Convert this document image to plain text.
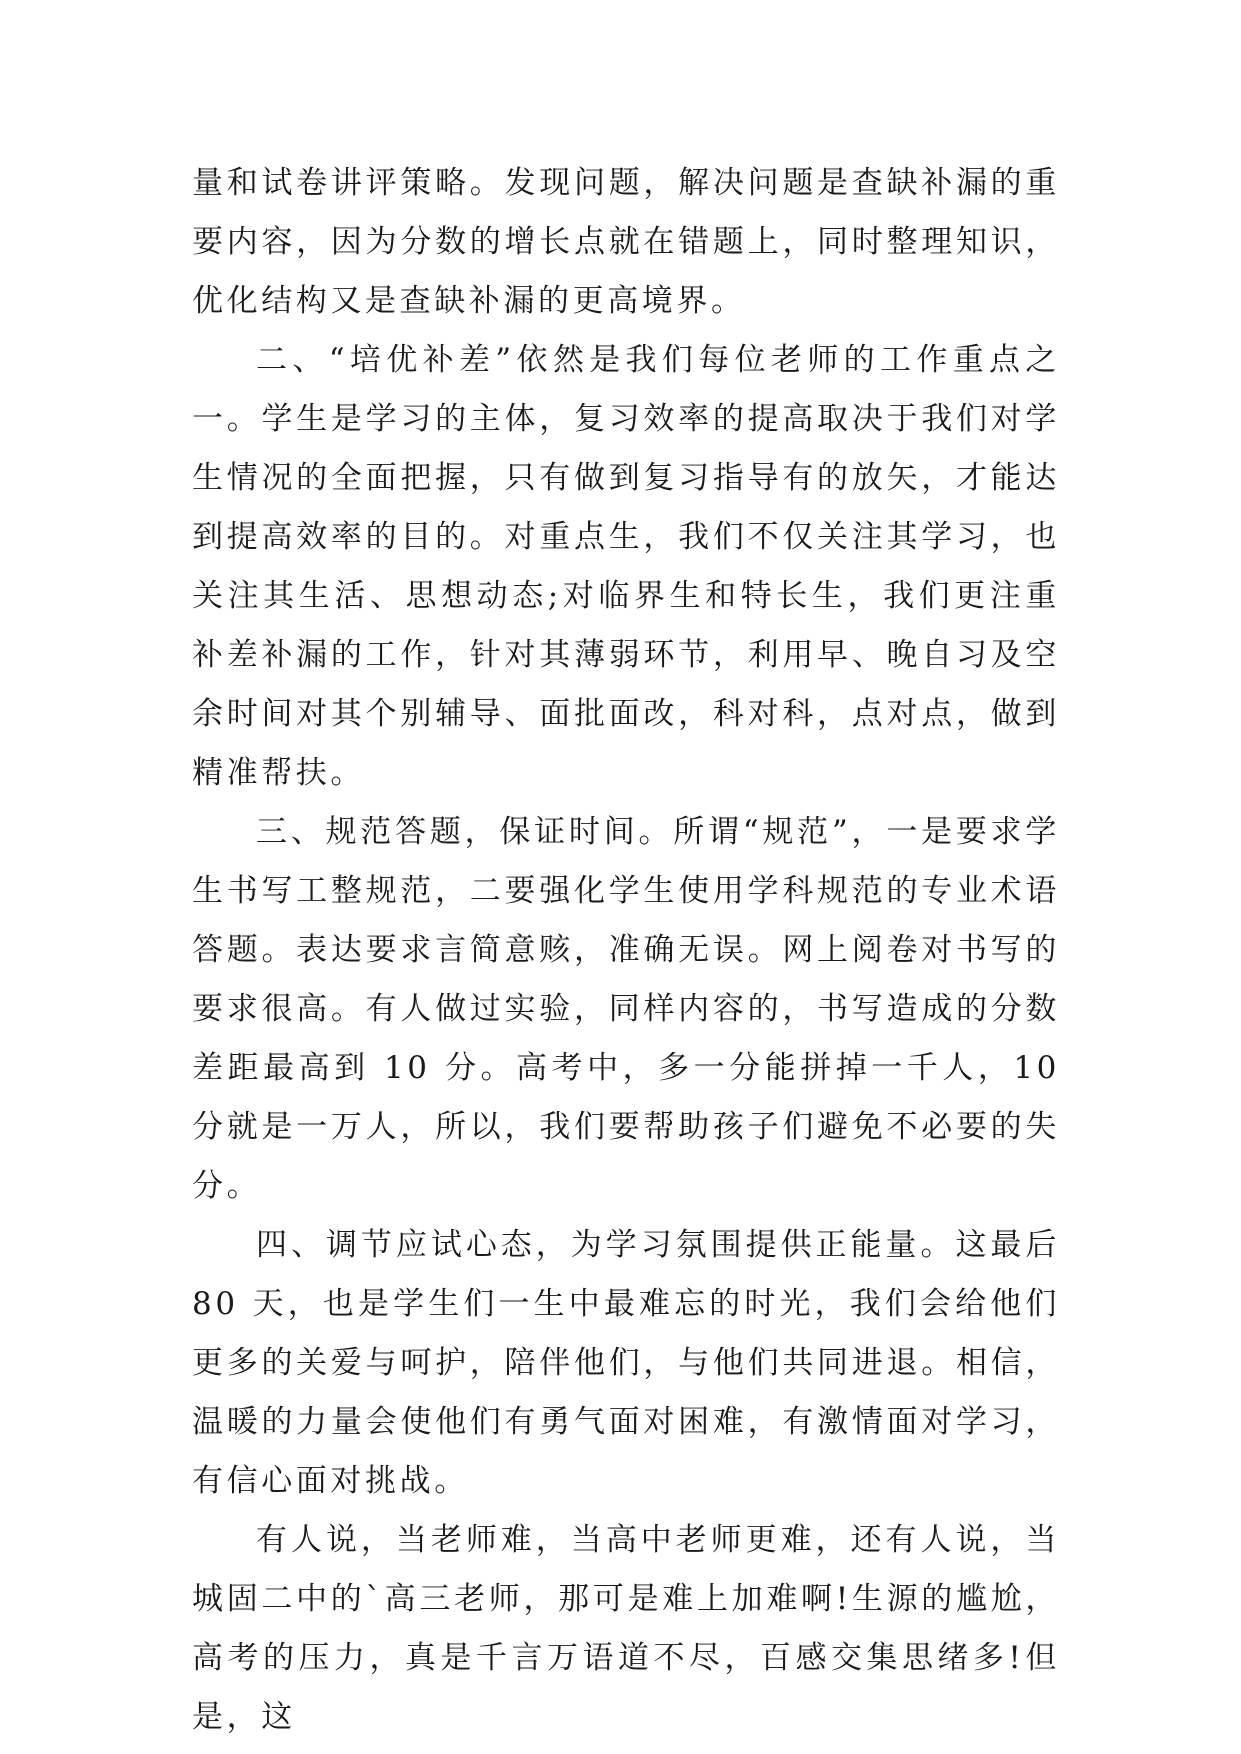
量和试卷讲评策略。发现问题，解决问题是查缺补漏的重要内容，因为分数的增长点就在错题上，同时整理知识，优化结构又是查缺补漏的更高境界。

二、“培优补差”依然是我们每位老师的工作重点之一。学生是学习的主体，复习效率的提高取决于我们对学生情况的全面把握，只有做到复习指导有的放矢，才能达到提高效率的目的。对重点生，我们不仅关注其学习，也关注其生活、思想动态;对临界生和特长生，我们更注重补差补漏的工作，针对其薄弱环节，利用早、晚自习及空余时间对其个别辅导、面批面改，科对科，点对点，做到精准帮扶。

三、规范答题，保证时间。所谓“规范”，一是要求学生书写工整规范，二要强化学生使用学科规范的专业术语答题。表达要求言简意赅，准确无误。网上阅卷对书写的要求很高。有人做过实验，同样内容的，书写造成的分数差距最高到 10 分。高考中，多一分能拼掉一千人，10 分就是一万人，所以，我们要帮助孩子们避免不必要的失分。

四、调节应试心态，为学习氛围提供正能量。这最后 80 天，也是学生们一生中最难忘的时光，我们会给他们更多的关爱与呵护，陪伴他们，与他们共同进退。相信，温暖的力量会使他们有勇气面对困难，有激情面对学习，有信心面对挑战。

有人说，当老师难，当高中老师更难，还有人说，当城固二中的`高三老师，那可是难上加难啊!生源的尴尬，高考的压力，真是千言万语道不尽，百感交集思绪多!但是，这
